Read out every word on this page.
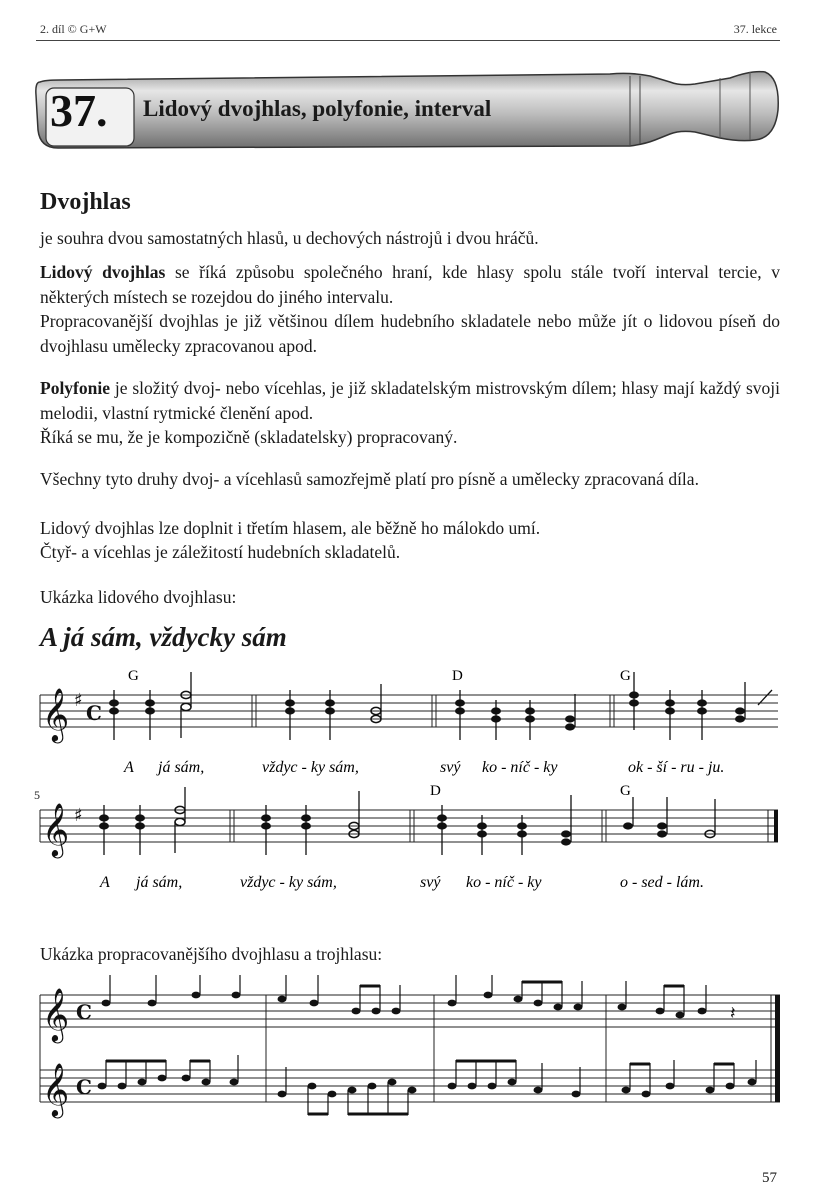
2. díl © G+W	37. lekce
37. Lidový dvojhlas, polyfonie, interval
Dvojhlas

je souhra dvou samostatných hlasů, u dechových nástrojů i dvou hráčů.

Lidový dvojhlas se říká způsobu společného hraní, kde hlasy spolu stále tvoří interval tercie, v některých místech se rozejdou do jiného intervalu.

Propracovanější dvojhlas je již většinou dílem hudebního skladatele nebo může jít o lidovou píseň do dvojhlasu umělecky zpracovanou apod.

Polyfonie je složitý dvoj- nebo vícehlas, je již skladatelským mistrovským dílem; hlasy mají každý svoji melodii, vlastní rytmické členění apod.

Říká se mu, že je kompozičně (skladatelsky) propracovaný.

Všechny tyto druhy dvoj- a vícehlasů samozřejmě platí pro písně a umělecky zpracovaná díla.

Lidový dvojhlas lze doplnit i třetím hlasem, ale běžně ho málokdo umí.

Čtyř- a vícehlas je záležitostí hudebních skladatelů.

Ukázka lidového dvojhlasu:

A já sám, vždycky sám
𝄞 ♯
C
G	D	G
A já sám,	vždyc - ky sám,	svý ko - níč - ky	ok - ší - ru - ju.
5
𝄞 ♯
D	G
A já sám,	vždyc - ky sám,	svý ko - níč - ky	o - sed - lám.

Ukázka propracovanějšího dvojhlasu a trojhlasu:

𝄞
𝄞
C
C
𝄽
57
